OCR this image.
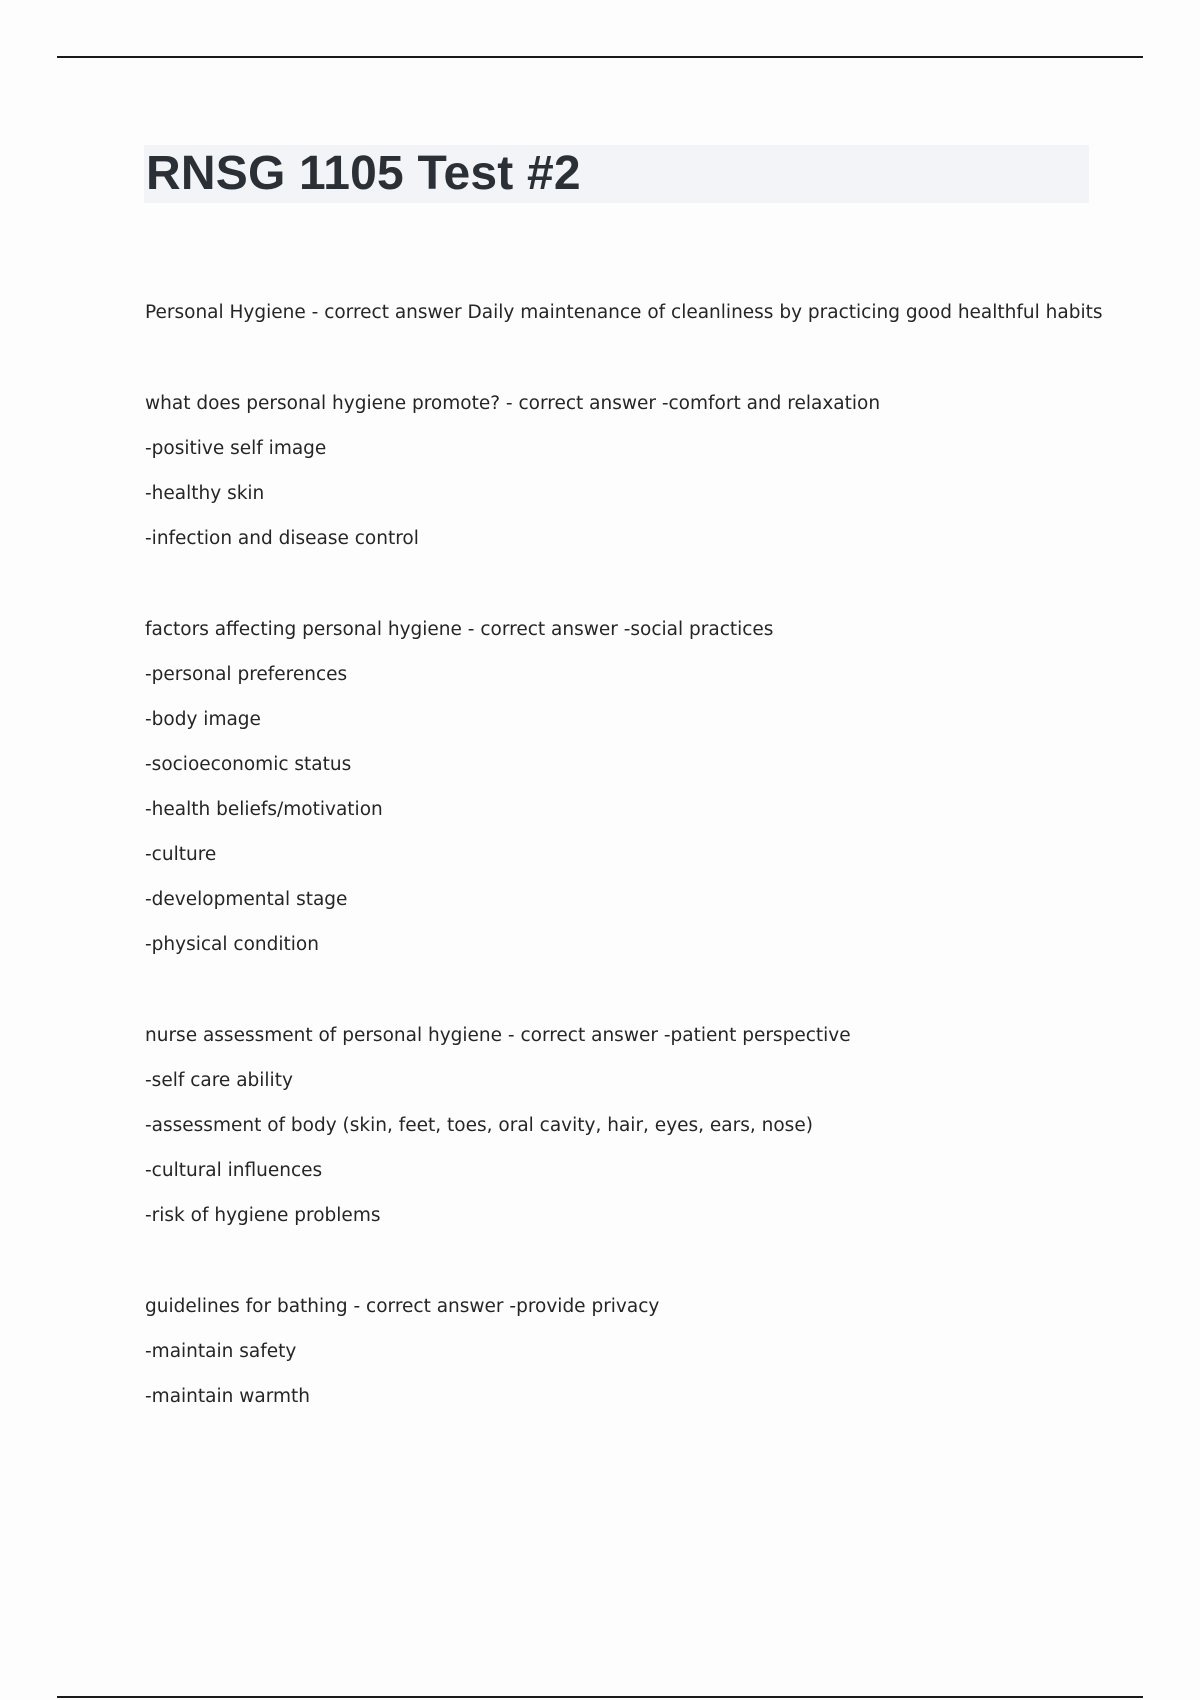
RNSG 1105 Test #2

Personal Hygiene - correct answer Daily maintenance of cleanliness by practicing good healthful habits

what does personal hygiene promote? - correct answer -comfort and relaxation

-positive self image

-healthy skin

-infection and disease control

factors affecting personal hygiene - correct answer -social practices

-personal preferences

-body image

-socioeconomic status

-health beliefs/motivation

-culture

-developmental stage

-physical condition

nurse assessment of personal hygiene - correct answer -patient perspective

-self care ability

-assessment of body (skin, feet, toes, oral cavity, hair, eyes, ears, nose)

-cultural influences

-risk of hygiene problems

guidelines for bathing - correct answer -provide privacy

-maintain safety

-maintain warmth
